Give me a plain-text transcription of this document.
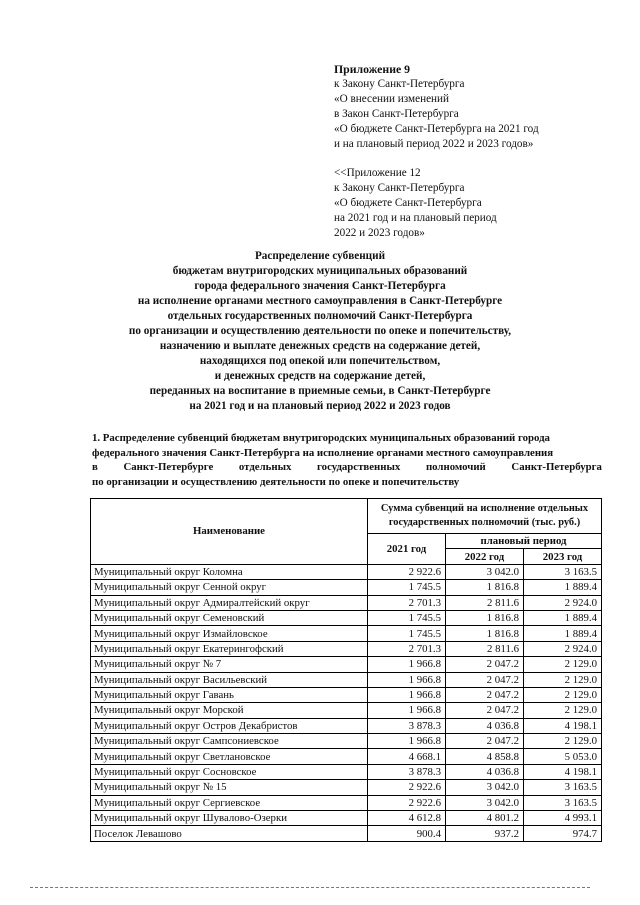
Приложение 9
к Закону Санкт-Петербурга
«О внесении изменений
в Закон Санкт-Петербурга
«О бюджете Санкт-Петербурга на 2021 год
и на плановый период 2022 и 2023 годов»
<<Приложение 12
к Закону Санкт-Петербурга
«О бюджете Санкт-Петербурга
на 2021 год и на плановый период
2022 и 2023 годов»
Распределение субвенций
бюджетам внутригородских муниципальных образований
города федерального значения Санкт-Петербурга
на исполнение органами местного самоуправления в Санкт-Петербурге
отдельных государственных полномочий Санкт-Петербурга
по организации и осуществлению деятельности по опеке и попечительству,
назначению и выплате денежных средств на содержание детей,
находящихся под опекой или попечительством,
и денежных средств на содержание детей,
переданных на воспитание в приемные семьи, в Санкт-Петербурге
на 2021 год и на плановый период 2022 и 2023 годов
1. Распределение субвенций бюджетам внутригородских муниципальных образований города
федерального значения Санкт-Петербурга на исполнение органами местного самоуправления
в Санкт-Петербурге отдельных государственных полномочий Санкт-Петербурга
по организации и осуществлению деятельности по опеке и попечительству
Наименование	Сумма субвенций на исполнение отдельных государственных полномочий (тыс. руб.)		
	2021 год	плановый период	
		2022 год	2023 год
Муниципальный округ Коломна	2 922.6	3 042.0	3 163.5
Муниципальный округ Сенной округ	1 745.5	1 816.8	1 889.4
Муниципальный округ Адмиралтейский округ	2 701.3	2 811.6	2 924.0
Муниципальный округ Семеновский	1 745.5	1 816.8	1 889.4
Муниципальный округ Измайловское	1 745.5	1 816.8	1 889.4
Муниципальный округ Екатерингофский	2 701.3	2 811.6	2 924.0
Муниципальный округ № 7	1 966.8	2 047.2	2 129.0
Муниципальный округ Васильевский	1 966.8	2 047.2	2 129.0
Муниципальный округ Гавань	1 966.8	2 047.2	2 129.0
Муниципальный округ Морской	1 966.8	2 047.2	2 129.0
Муниципальный округ Остров Декабристов	3 878.3	4 036.8	4 198.1
Муниципальный округ Сампсониевское	1 966.8	2 047.2	2 129.0
Муниципальный округ Светлановское	4 668.1	4 858.8	5 053.0
Муниципальный округ Сосновское	3 878.3	4 036.8	4 198.1
Муниципальный округ № 15	2 922.6	3 042.0	3 163.5
Муниципальный округ Сергиевское	2 922.6	3 042.0	3 163.5
Муниципальный округ Шувалово-Озерки	4 612.8	4 801.2	4 993.1
Поселок Левашово	900.4	937.2	974.7
